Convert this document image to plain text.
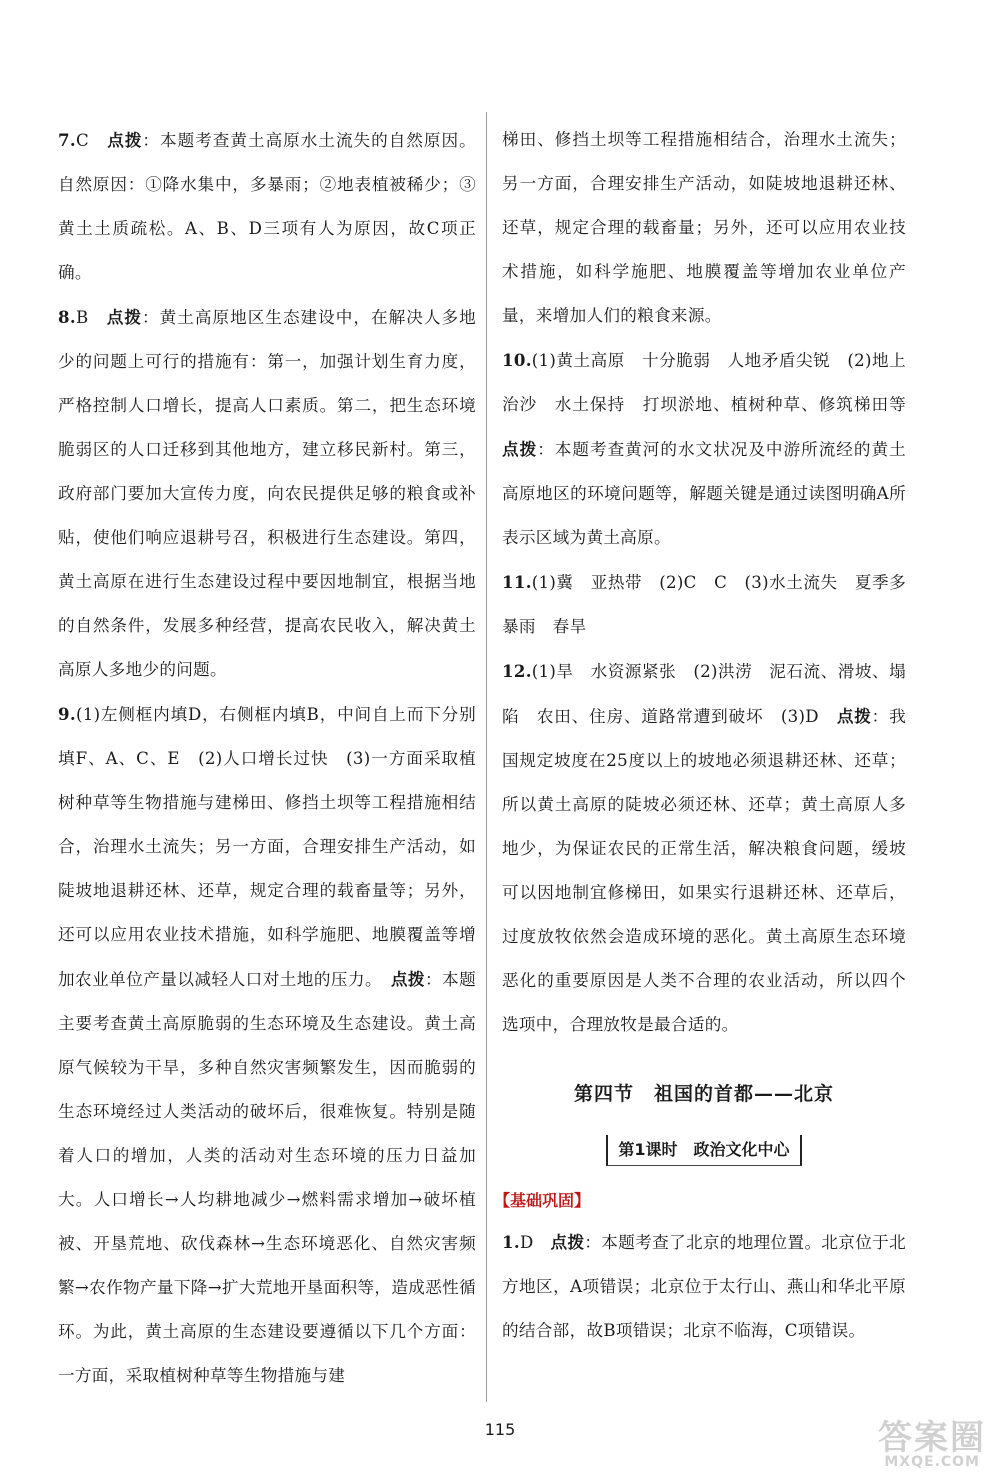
7.C　 点拨：本题考查黄土高原水土流失的自然原因。自然原因：①降水集中，多暴雨；②地表植被稀少；③黄土土质疏松。A、B、D三项有人为原因，故C项正确。

8.B　 点拨：黄土高原地区生态建设中，在解决人多地少的问题上可行的措施有：第一，加强计划生育力度，严格控制人口增长，提高人口素质。第二，把生态环境脆弱区的人口迁移到其他地方，建立移民新村。第三，政府部门要加大宣传力度，向农民提供足够的粮食或补贴，使他们响应退耕号召，积极进行生态建设。第四，黄土高原在进行生态建设过程中要因地制宜，根据当地的自然条件，发展多种经营，提高农民收入，解决黄土高原人多地少的问题。

9.(1)左侧框内填D，右侧框内填B，中间自上而下分别填F、A、C、E　(2)人口增长过快　(3)一方面采取植树种草等生物措施与建梯田、修挡土坝等工程措施相结合，治理水土流失；另一方面，合理安排生产活动，如陡坡地退耕还林、还草，规定合理的载畜量等；另外，还可以应用农业技术措施，如科学施肥、地膜覆盖等增加农业单位产量以减轻人口对土地的压力。　点拨：本题主要考查黄土高原脆弱的生态环境及生态建设。黄土高原气候较为干旱，多种自然灾害频繁发生，因而脆弱的生态环境经过人类活动的破坏后，很难恢复。特别是随着人口的增加，人类的活动对生态环境的压力日益加大。人口增长→人均耕地减少→燃料需求增加→破坏植被、开垦荒地、砍伐森林→生态环境恶化、自然灾害频繁→农作物产量下降→扩大荒地开垦面积等，造成恶性循环。为此，黄土高原的生态建设要遵循以下几个方面：一方面，采取植树种草等生物措施与建

梯田、修挡土坝等工程措施相结合，治理水土流失；另一方面，合理安排生产活动，如陡坡地退耕还林、还草，规定合理的载畜量；另外，还可以应用农业技术措施，如科学施肥、地膜覆盖等增加农业单位产量，来增加人们的粮食来源。

10.(1)黄土高原　十分脆弱　人地矛盾尖锐　(2)地上　治沙　水土保持　打坝淤地、植树种草、修筑梯田等　点拨：本题考查黄河的水文状况及中游所流经的黄土高原地区的环境问题等，解题关键是通过读图明确A所表示区域为黄土高原。

11.(1)冀　亚热带　(2)C　C　(3)水土流失　夏季多暴雨　春旱

12.(1)旱　水资源紧张　(2)洪涝　泥石流、滑坡、塌陷　农田、住房、道路常遭到破坏　(3)D　点拨：我国规定坡度在25度以上的坡地必须退耕还林、还草；所以黄土高原的陡坡必须还林、还草；黄土高原人多地少，为保证农民的正常生活，解决粮食问题，缓坡可以因地制宜修梯田，如果实行退耕还林、还草后，过度放牧依然会造成环境的恶化。黄土高原生态环境恶化的重要原因是人类不合理的农业活动，所以四个选项中，合理放牧是最合适的。

第四节　祖国的首都——北京
第1课时　政治文化中心
【基础巩固】

1.D　 点拨：本题考查了北京的地理位置。北京位于北方地区，A项错误；北京位于太行山、燕山和华北平原的结合部，故B项错误；北京不临海，C项错误。

115	答案圈
MXQE.COM
